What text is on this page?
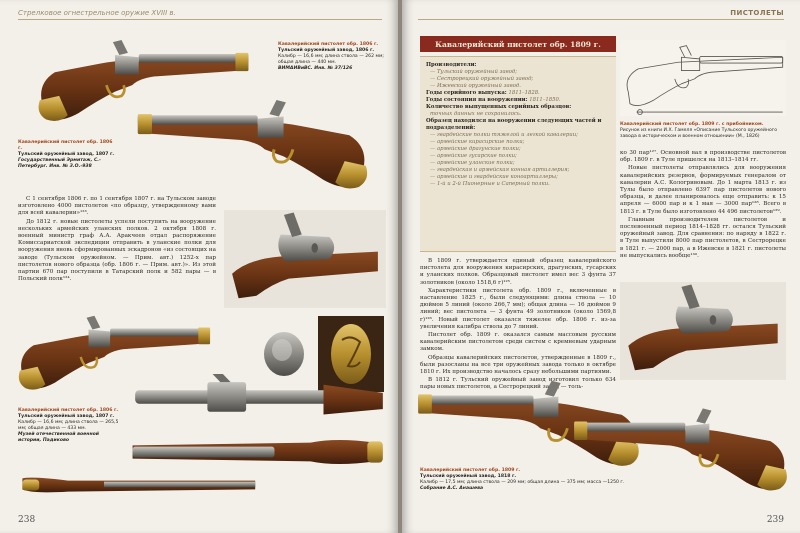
Стрелковое огнестрельное оружие XVIII в.
Кавалерийский пистолет обр. 1806 г.
Тульский оружейный завод, 1806 г.
Калибр — 16,6 мм; длина ствола — 262 мм; общая длина — 440 мм.
ВИМАИВиВС. Инв. № 37/126
Кавалерийский пистолет обр. 1806 г.
Тульский оружейный завод, 1807 г.
Государственный Эрмитаж, С.-Петербург. Инв. № З.О.-938

С 1 сентября 1806 г. по 1 сентября 1807 г. на Тульском заводе изготовлено 4000 пистолетов «по образцу, утвержденному вами для всей кавалерии»¹²³.

До 1812 г. новые пистолеты успели поступить на вооружение нескольких армейских уланских полков. 2 октября 1808 г. военный министр граф А.А. Аракчеев отдал распоряжение Комиссариатской экспедиции отправить в уланские полки для вооружения вновь сформированных эскадронов «из состоящих на заводе (Тульском оружейном. — Прим. авт.) 1252-х пар пистолетов нового образца (обр. 1806 г. — Прим. авт.)». Из этой партии 670 пар поступили в Татарский полк и 582 пары — в Польский полк¹²⁴.

Кавалерийский пистолет обр. 1806 г.
Тульский оружейный завод, 1807 г.
Калибр — 16,6 мм; длина ствола — 265,5 мм; общая длина — 433 мм.
Музей отечественной военной истории, Падиково
238
ПИСТОЛЕТЫ
Кавалерийский пистолет обр. 1809 г.
Производители:
— Тульский оружейный завод;
— Сестрорецкий оружейный завод;
— Ижевский оружейный завод.
Годы серийного выпуска: 1811–1828.
Годы состояния на вооружении: 1811–1850.
Количество выпущенных серийных образцов:
точных данных не сохранилось.
Образец находился на вооружении следующих частей и подразделений:
— гвардейские полки тяжелой и легкой кавалерии;
— армейские кирасирские полки;
— армейские драгунские полки;
— армейские гусарские полки;
— армейские уланские полки;
— гвардейская и армейская конная артиллерия;
— армейские и гвардейские коноартиллеры;
— 1-й и 2-й Пионерные и Саперный полки.
Кавалерийский пистолет обр. 1809 г. с прибойником.
Рисунок из книги И.Х. Гамеля «Описание Тульского оружейного завода в историческом и военном отношении» (М., 1826)

ко 30 пар¹²⁷. Основной вал в производстве пистолетов обр. 1809 г. в Туле пришелся на 1813–1814 гг.

Новые пистолеты отправлялись для вооружения кавалерийских резервов, формируемых генералом от кавалерии А.С. Кологривовым. До 1 марта 1813 г. из Тулы было отправлено 6397 пар пистолетов нового образца, и далее планировалось еще отправить: к 15 апреля — 6000 пар и к 1 мая — 3000 пар¹²⁸. Всего в 1813 г. в Туле было изготовлено 44 496 пистолетов¹²⁹.

Главным производителем пистолетов и послевоенный период 1814–1828 гг. остался Тульский оружейный завод. Для сравнения: по наряду в 1822 г. в Туле выпустили 8000 пар пистолетов, в Сестрорецке в 1821 г. — 2000 пар, а в Ижевске в 1821 г. пистолеты не выпускались вообще¹³⁰.

В 1809 г. утверждается единый образец кавалерийского пистолета для вооружения кирасирских, драгунских, гусарских и уланских полков. Образцовый пистолет имел вес 3 фунта 37 золотников (около 1518,6 г)¹²⁵.

Характеристики пистолета обр. 1809 г., включенные в наставление 1825 г., были следующими: длина ствола — 10 дюймов 5 линий (около 266,7 мм); общая длина — 16 дюймов 9 линий; вес пистолета — 3 фунта 49 золотников (около 1569,8 г)¹²⁶. Новый пистолет оказался тяжелее обр. 1806 г. из-за увеличения калибра ствола до 7 линий.

Пистолет обр. 1809 г. оказался самым массовым русским кавалерийским пистолетом среди систем с кремневым ударным замком.

Образцы кавалерийских пистолетов, утвержденные в 1809 г., были разосланы на все три оружейных завода только в октябре 1810 г. Их производство началось сразу небольшими партиями.

В 1812 г. Тульский оружейный завод изготовил только 634 пары новых пистолетов, а Сестрорецкий завод — толь-

Кавалерийский пистолет обр. 1809 г.
Тульский оружейный завод, 1818 г.
Калибр — 17,5 мм; длина ствола — 209 мм; общая длина — 375 мм; масса —1250 г.
Собрание А.С. Анашева
239
